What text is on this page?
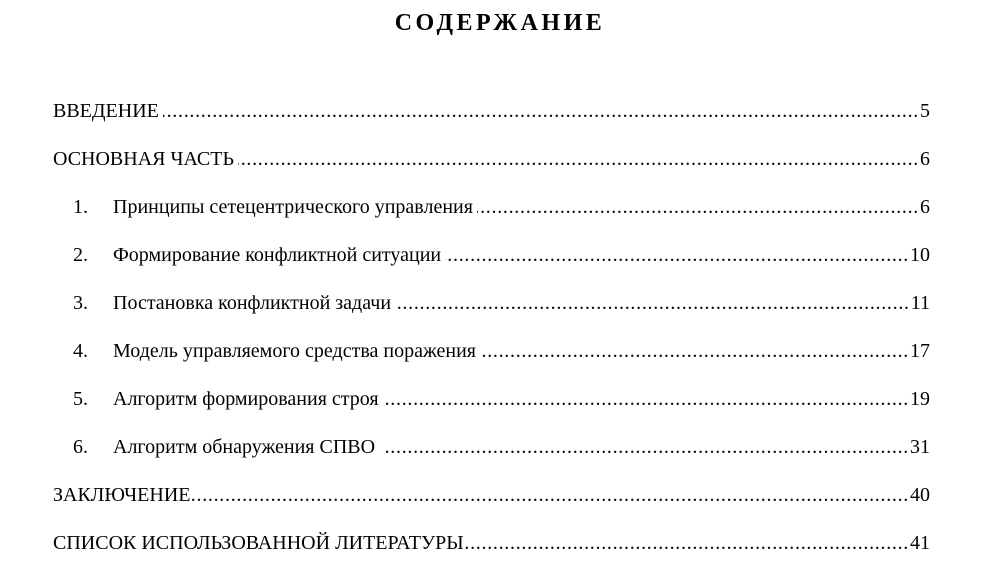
СОДЕРЖАНИЕ
ВВЕДЕНИЕ .....	5
ОСНОВНАЯ ЧАСТЬ .....	6
1.	Принципы сетецентрического управления .....	6
2.	Формирование конфликтной ситуации .....	10
3.	Постановка конфликтной задачи .....	11
4.	Модель управляемого средства поражения .....	17
5.	Алгоритм формирования строя .....	19
6.	Алгоритм обнаружения СПВО .....	31
ЗАКЛЮЧЕНИЕ .....	40
СПИСОК ИСПОЛЬЗОВАННОЙ ЛИТЕРАТУРЫ .....	41
